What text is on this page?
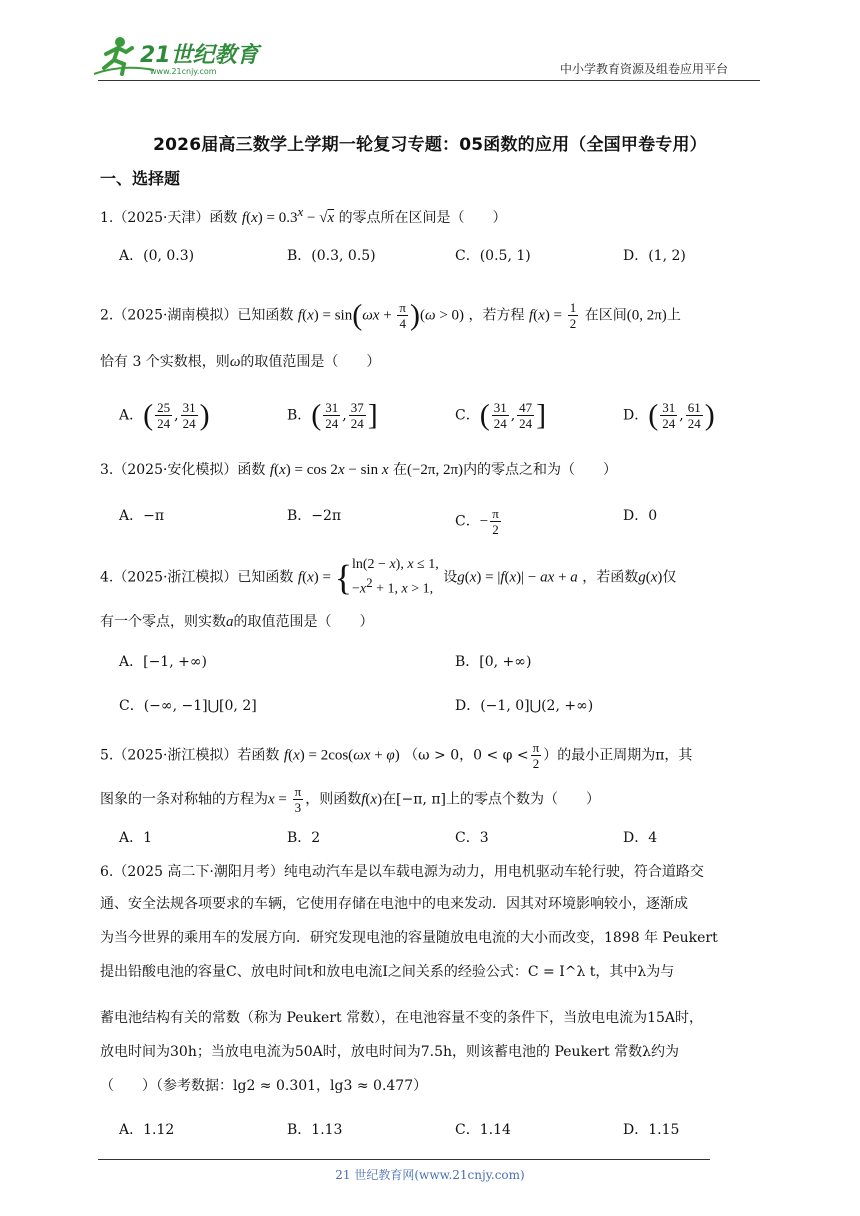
21世纪教育
www.21cnjy.com	中小学教育资源及组卷应用平台
2026届高三数学上学期一轮复习专题：05函数的应用（全国甲卷专用）
一、选择题
1.（2025·天津）函数 $f(x) = 0.3^x - √x$ 的零点所在区间是（　　）
A．(0, 0.3)	B．(0.3, 0.5)	C．(0.5, 1)	D．(1, 2)
2.（2025·湖南模拟）已知函数 $f(x) = \sin(\omega x + \frac{\pi}{4} )(\omega > 0)$ ，若方程 $f(x) = \frac{1}{2}$ 在区间(0, 2π)上
恰有 3 个实数根，则ω的取值范围是（　　）
A．( $\frac{25}{24}$ , $\frac{31}{24}$ )	B．( $\frac{31}{24}$ , $\frac{37}{24}$ ]	C．( $\frac{31}{24}$ , $\frac{47}{24}$ ]	D．( $\frac{31}{24}$ , $\frac{61}{24}$ )
3.（2025·安化模拟）函数 f(x) = cos 2x − sin x 在(−2π, 2π)内的零点之和为（　　）
A．−π	B．−2π	C．− $\frac{\pi}{2}$	D．0
4.（2025·浙江模拟）已知函数 f(x) = {ln(2 − x), x ≤ 1,
$-x^2 + 1$, x > 1, 设g(x) = |f(x)| − ax + a ，若函数g(x)仅
有一个零点，则实数a的取值范围是（　　）
A．[−1, +∞)	B．[0, +∞)
C．(−∞, −1]⋃[0, 2]	D．(−1, 0]⋃(2, +∞)
5.（2025·浙江模拟）若函数 f(x) = 2cos(ωx + φ) （ω > 0，$0 < \varphi < \frac{\pi}{2}$ ）的最小正周期为π，其
图象的一条对称轴的方程为$x = \frac{\pi}{3}$ ，则函数f(x)在[−π, π]上的零点个数为（　　）
A．1	B．2	C．3	D．4
6.（2025 高二下·潮阳月考）纯电动汽车是以车载电源为动力，用电机驱动车轮行驶，符合道路交
通、安全法规各项要求的车辆，它使用存储在电池中的电来发动．因其对环境影响较小，逐渐成
为当今世界的乘用车的发展方向．研究发现电池的容量随放电电流的大小而改变，1898 年 Peukert
提出铅酸电池的容量C、放电时间t和放电电流I之间关系的经验公式：C = I^λ t，其中λ为与
蓄电池结构有关的常数（称为 Peukert 常数），在电池容量不变的条件下，当放电电流为15A时，
放电时间为30h；当放电电流为50A时，放电时间为7.5h，则该蓄电池的 Peukert 常数λ约为
（　　）（参考数据：lg2 ≈ 0.301，lg3 ≈ 0.477）
A．1.12	B．1.13	C．1.14	D．1.15
21 世纪教育网(www.21cnjy.com)
